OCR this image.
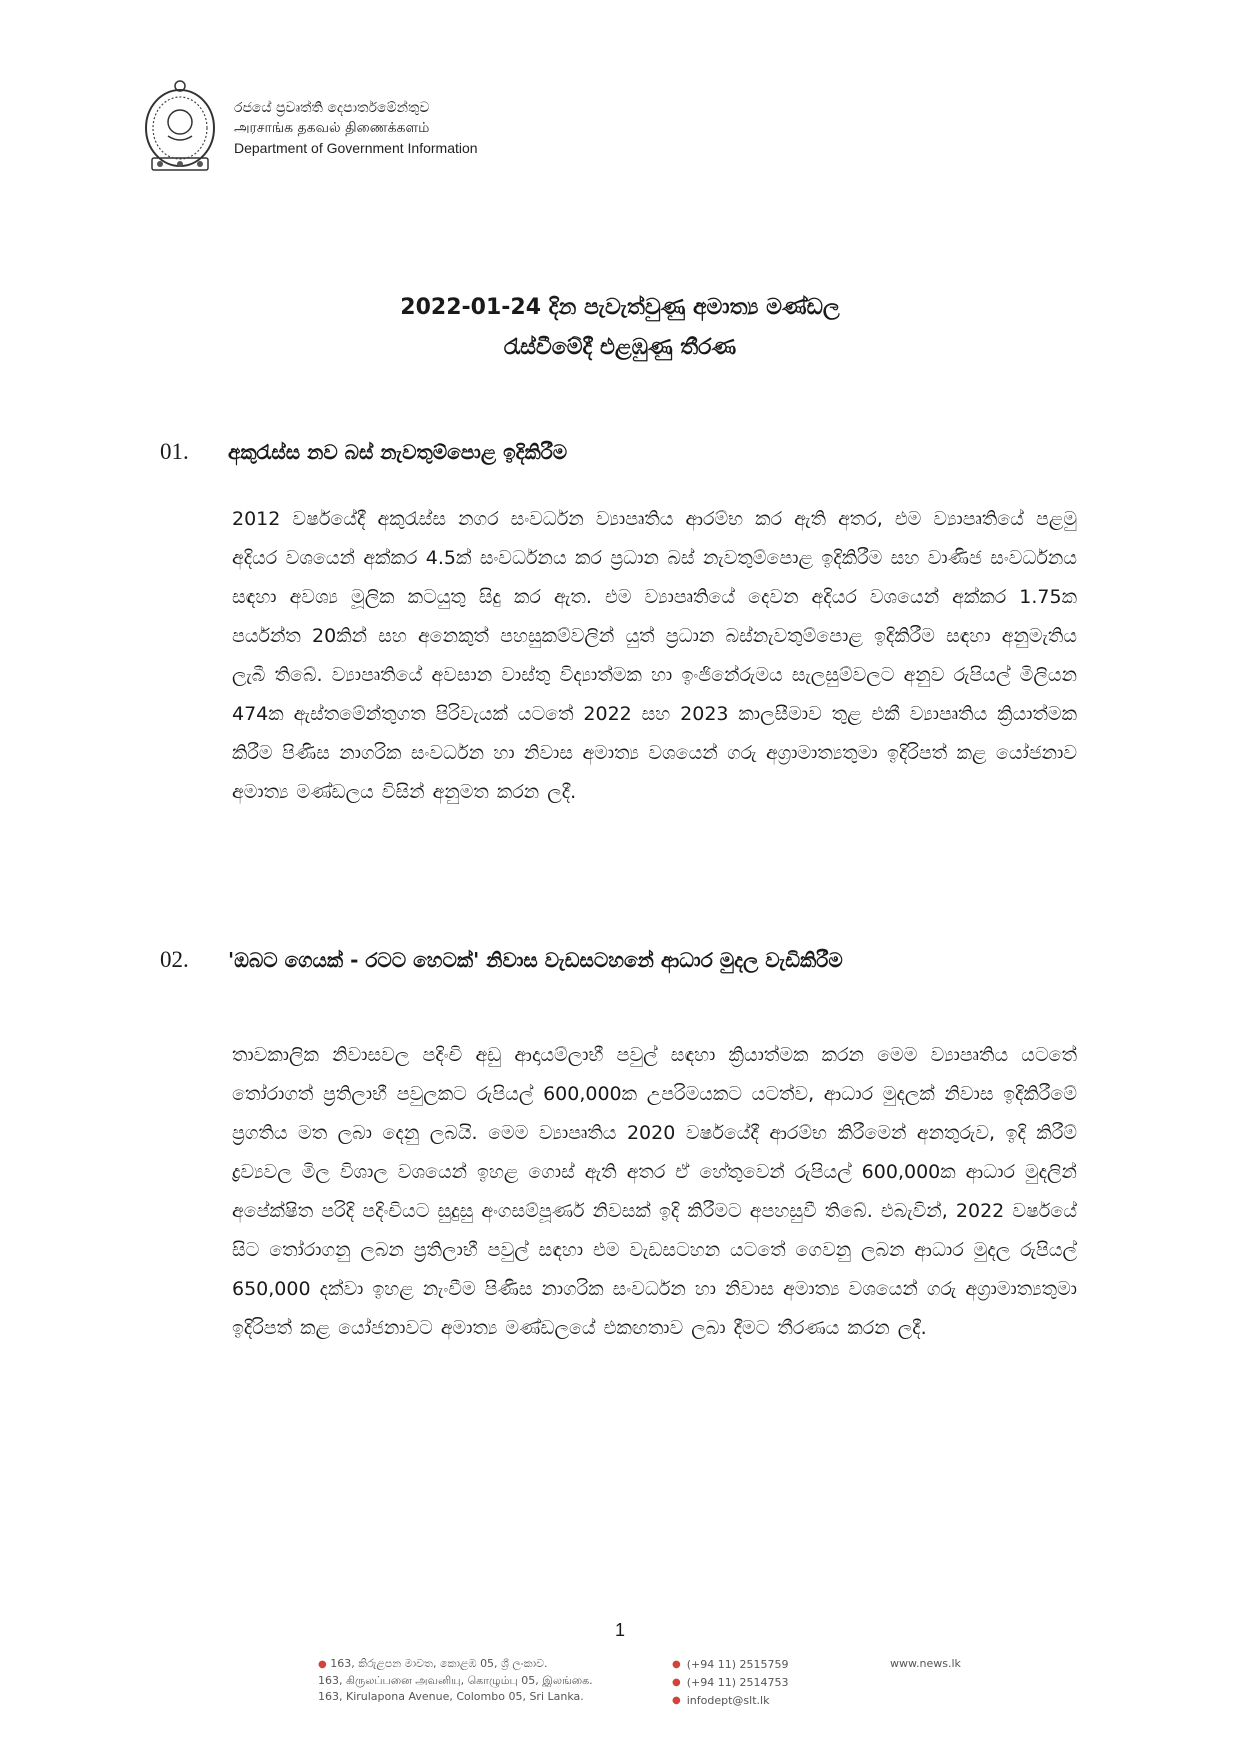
රජයේ ප්‍රවෘත්ති දෙපාර්තමේන්තුව
அரசாங்க தகவல் திணைக்களம்
Department of Government Information
2022-01-24 දින පැවැත්වුණු අමාත්‍ය මණ්ඩල
රැස්වීමේදී එළඹුණු තීරණ
01.	අකුරැස්ස නව බස් නැවතුම්පොළ ඉදිකිරීම
2012 වර්ෂයේදී අකුරැස්ස නගර සංවර්ධන ව්‍යාපෘතිය ආරම්භ කර ඇති අතර, එම ව්‍යාපෘතියේ පළමු අදියර වශයෙන් අක්කර 4.5ක් සංවර්ධනය කර ප්‍රධාන බස් නැවතුම්පොළ ඉදිකිරීම සහ වාණිජ සංවර්ධනය සඳහා අවශ්‍ය මූලික කටයුතු සිදු කර ඇත. එම ව්‍යාපෘතියේ දෙවන අදියර වශයෙන් අක්කර 1.75ක පර්යන්ත 20කින් සහ අනෙකුත් පහසුකම්වලින් යුත් ප්‍රධාන බස්නැවතුම්පොළ ඉදිකිරීම සඳහා අනුමැතිය ලැබී තිබේ. ව්‍යාපෘතියේ අවසාන වාස්තු විද්‍යාත්මක හා ඉංජිනේරුමය සැලසුම්වලට අනුව රුපියල් මිලියන 474ක ඇස්තමේන්තුගත පිරිවැයක් යටතේ 2022 සහ 2023 කාලසීමාව තුළ එකී ව්‍යාපෘතිය ක්‍රියාත්මක කිරීම පිණිස නාගරික සංවර්ධන හා නිවාස අමාත්‍ය වශයෙන් ගරු අග්‍රාමාත්‍යතුමා ඉදිරිපත් කළ යෝජනාව අමාත්‍ය මණ්ඩලය විසින් අනුමත කරන ලදී.
02.	'ඔබට ගෙයක් - රටට හෙටක්' නිවාස වැඩසටහනේ ආධාර මුදල වැඩිකිරීම
තාවකාලික නිවාසවල පදිංචි අඩු ආදායම්ලාභී පවුල් සඳහා ක්‍රියාත්මක කරන මෙම ව්‍යාපෘතිය යටතේ තෝරාගත් ප්‍රතිලාභී පවුලකට රුපියල් 600,000ක උපරිමයකට යටත්ව, ආධාර මුදලක් නිවාස ඉදිකිරීමේ ප්‍රගතිය මත ලබා දෙනු ලබයි. මෙම ව්‍යාපෘතිය 2020 වර්ෂයේදී ආරම්භ කිරීමෙන් අනතුරුව, ඉදි කිරීම් ද්‍රව්‍යවල මිල විශාල වශයෙන් ඉහළ ගොස් ඇති අතර ඒ හේතුවෙන් රුපියල් 600,000ක ආධාර මුදලින් අපේක්ෂිත පරිදි පදිංචියට සුදුසු අංගසම්පූර්ණ නිවසක් ඉදි කිරීමට අපහසුවී තිබේ. එබැවින්, 2022 වර්ෂයේ සිට තෝරාගනු ලබන ප්‍රතිලාභී පවුල් සඳහා එම වැඩසටහන යටතේ ගෙවනු ලබන ආධාර මුදල රුපියල් 650,000 දක්වා ඉහළ නැංවීම පිණිස නාගරික සංවර්ධන හා නිවාස අමාත්‍ය වශයෙන් ගරු අග්‍රාමාත්‍යතුමා ඉදිරිපත් කළ යෝජනාවට අමාත්‍ය මණ්ඩලයේ එකඟතාව ලබා දීමට තීරණය කරන ලදී.
1
● 163, කිරුළපන මාවත, කොළඹ 05, ශ්‍රී ලංකාව.
163, கிருலப்பனை அவனியு, கொழும்பு 05, இலங்கை.
163, Kirulapona Avenue, Colombo 05, Sri Lanka.
● (+94 11) 2515759
● (+94 11) 2514753
● infodept@slt.lk
www.news.lk
